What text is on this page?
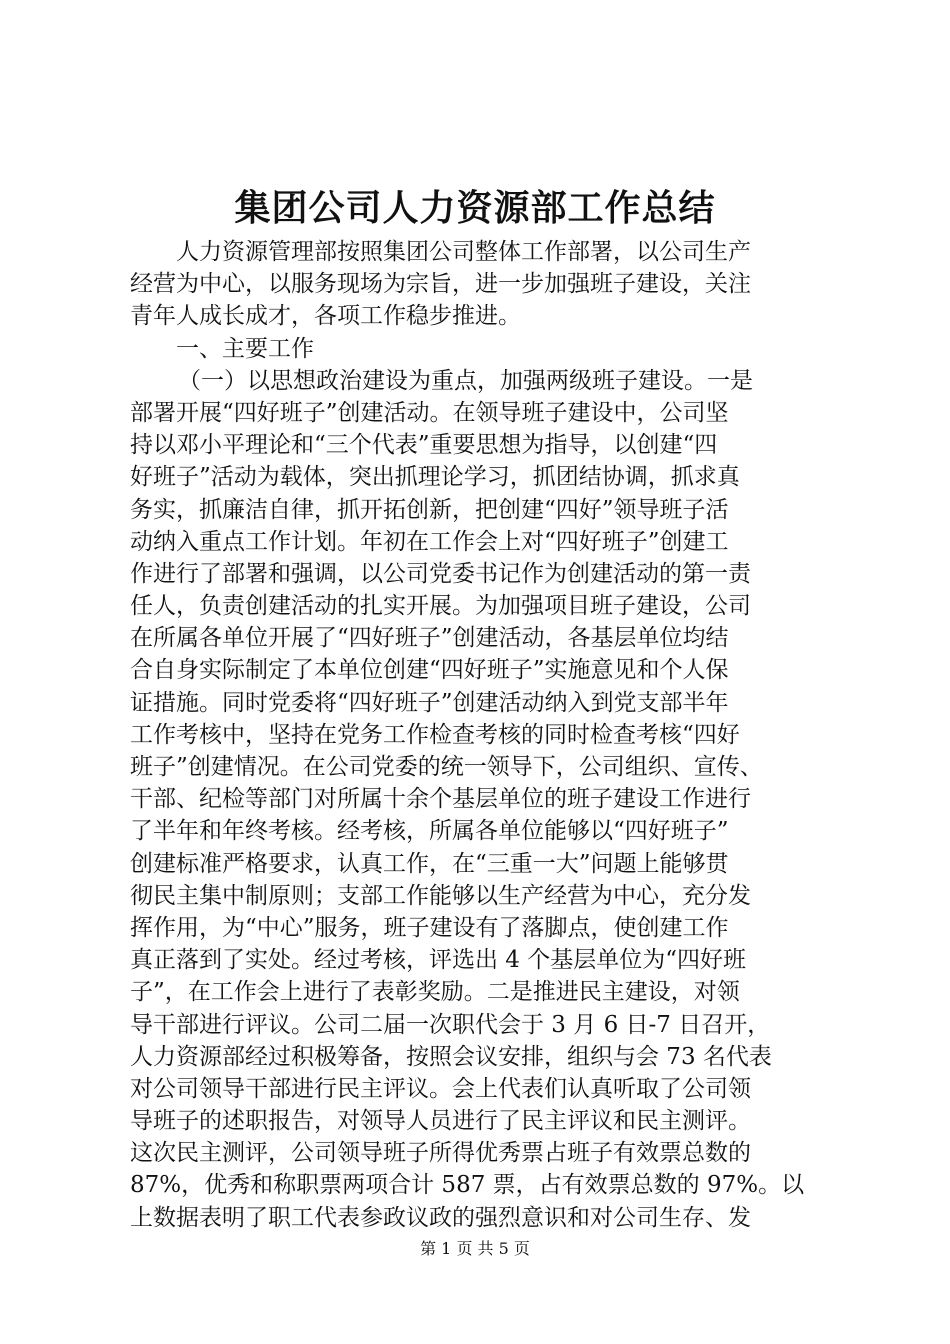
集团公司人力资源部工作总结
人力资源管理部按照集团公司整体工作部署，以公司生产
经营为中心，以服务现场为宗旨，进一步加强班子建设，关注
青年人成长成才，各项工作稳步推进。
一、主要工作
（一）以思想政治建设为重点，加强两级班子建设。一是
部署开展“四好班子”创建活动。在领导班子建设中，公司坚
持以邓小平理论和“三个代表”重要思想为指导，以创建“四
好班子”活动为载体，突出抓理论学习，抓团结协调，抓求真
务实，抓廉洁自律，抓开拓创新，把创建“四好”领导班子活
动纳入重点工作计划。年初在工作会上对“四好班子”创建工
作进行了部署和强调，以公司党委书记作为创建活动的第一责
任人，负责创建活动的扎实开展。为加强项目班子建设，公司
在所属各单位开展了“四好班子”创建活动，各基层单位均结
合自身实际制定了本单位创建“四好班子”实施意见和个人保
证措施。同时党委将“四好班子”创建活动纳入到党支部半年
工作考核中，坚持在党务工作检查考核的同时检查考核“四好
班子”创建情况。在公司党委的统一领导下，公司组织、宣传、
干部、纪检等部门对所属十余个基层单位的班子建设工作进行
了半年和年终考核。经考核，所属各单位能够以“四好班子”
创建标准严格要求，认真工作，在“三重一大”问题上能够贯
彻民主集中制原则；支部工作能够以生产经营为中心，充分发
挥作用，为“中心”服务，班子建设有了落脚点，使创建工作
真正落到了实处。经过考核，评选出 4 个基层单位为“四好班
子”，在工作会上进行了表彰奖励。二是推进民主建设，对领
导干部进行评议。公司二届一次职代会于 3 月 6 日-7 日召开，
人力资源部经过积极筹备，按照会议安排，组织与会 73 名代表
对公司领导干部进行民主评议。会上代表们认真听取了公司领
导班子的述职报告，对领导人员进行了民主评议和民主测评。
这次民主测评，公司领导班子所得优秀票占班子有效票总数的
87%，优秀和称职票两项合计 587 票，占有效票总数的 97%。以
上数据表明了职工代表参政议政的强烈意识和对公司生存、发
第 1 页 共 5 页
